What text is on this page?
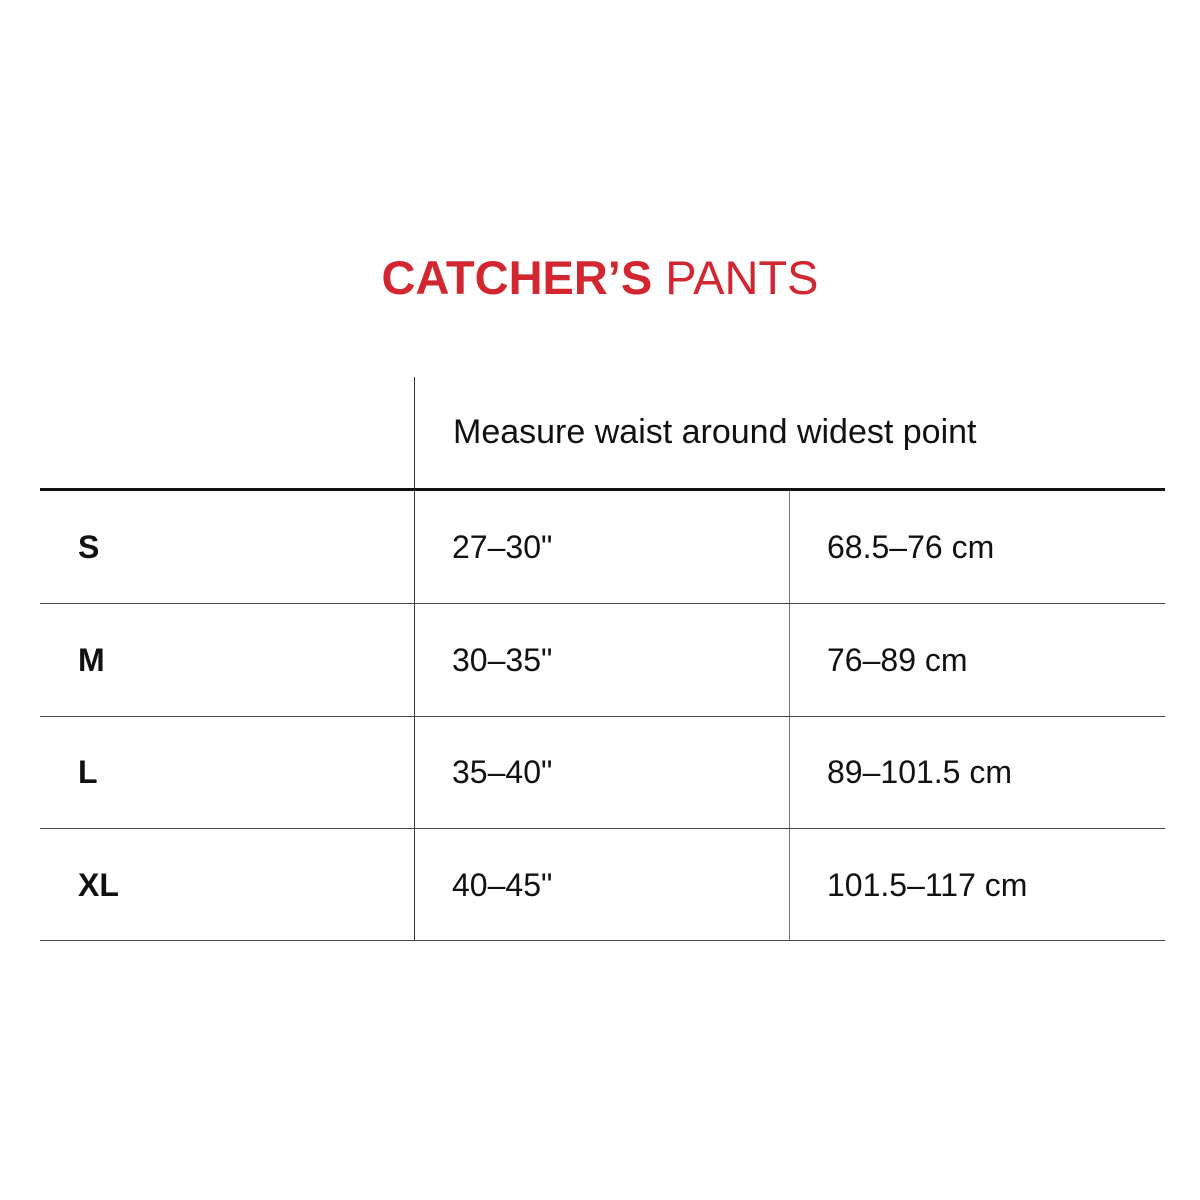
CATCHER’S PANTS
Measure waist around widest point
S	27–30"	68.5–76 cm
M	30–35"	76–89 cm
L	35–40"	89–101.5 cm
XL	40–45"	101.5–117 cm
